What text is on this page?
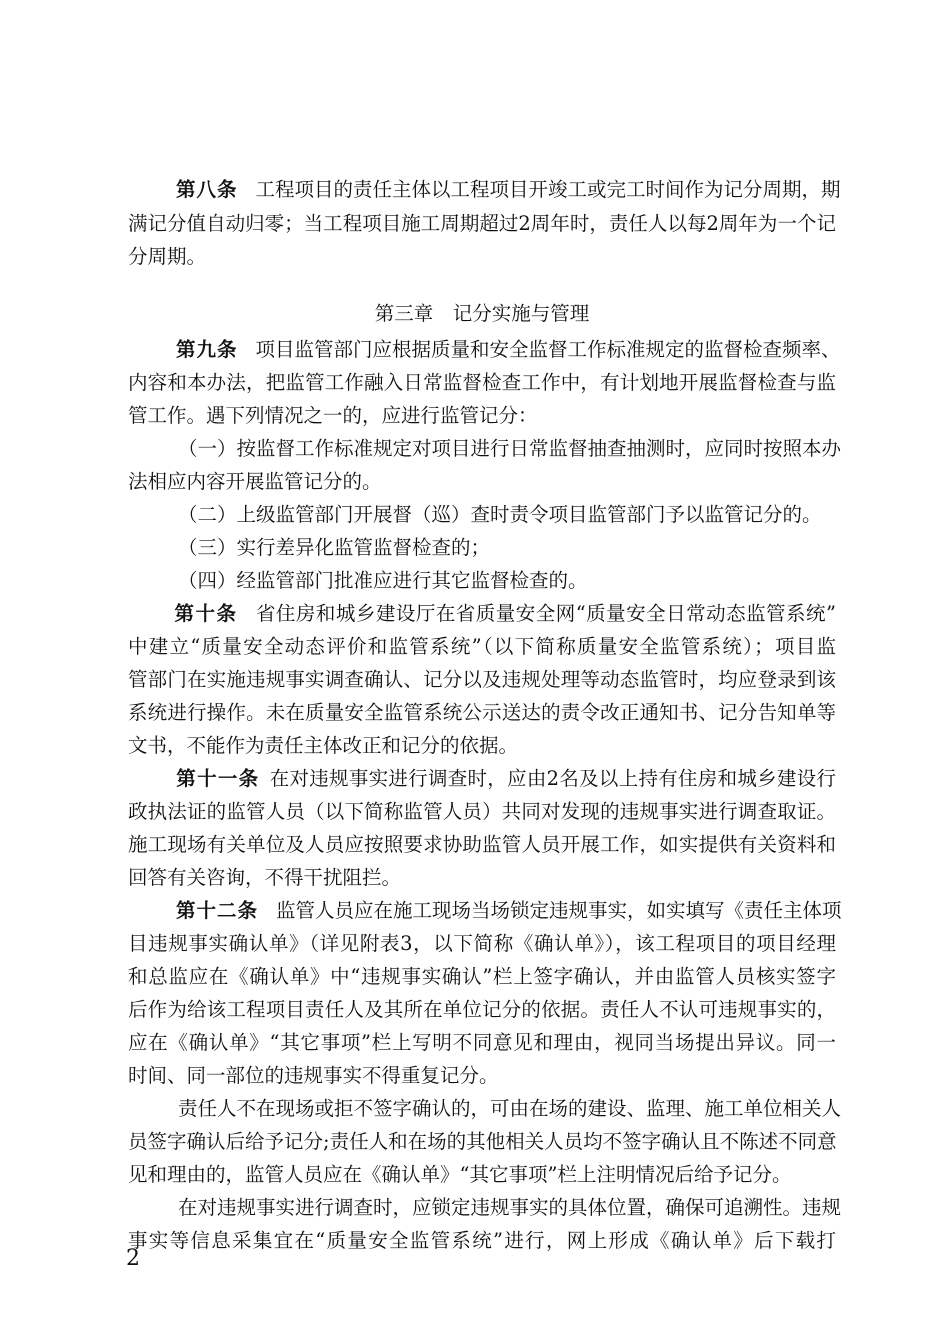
第八条 工程项目的责任主体以工程项目开竣工或完工时间作为记分周期，期
满记分值自动归零；当工程项目施工周期超过2周年时，责任人以每2周年为一个记
分周期。
第三章　记分实施与管理
第九条 项目监管部门应根据质量和安全监督工作标准规定的监督检查频率、
内容和本办法，把监管工作融入日常监督检查工作中，有计划地开展监督检查与监
管工作。遇下列情况之一的，应进行监管记分：
（一）按监督工作标准规定对项目进行日常监督抽查抽测时，应同时按照本办
法相应内容开展监管记分的。
（二）上级监管部门开展督（巡）查时责令项目监管部门予以监管记分的。
（三）实行差异化监管监督检查的；
（四）经监管部门批准应进行其它监督检查的。
第十条 省住房和城乡建设厅在省质量安全网“质量安全日常动态监管系统”
中建立“质量安全动态评价和监管系统”（以下简称质量安全监管系统）；项目监
管部门在实施违规事实调查确认、记分以及违规处理等动态监管时，均应登录到该
系统进行操作。未在质量安全监管系统公示送达的责令改正通知书、记分告知单等
文书，不能作为责任主体改正和记分的依据。
第十一条 在对违规事实进行调查时，应由2名及以上持有住房和城乡建设行
政执法证的监管人员（以下简称监管人员）共同对发现的违规事实进行调查取证。
施工现场有关单位及人员应按照要求协助监管人员开展工作，如实提供有关资料和
回答有关咨询，不得干扰阻拦。
第十二条 监管人员应在施工现场当场锁定违规事实，如实填写《责任主体项
目违规事实确认单》（详见附表3，以下简称《确认单》），该工程项目的项目经理
和总监应在《确认单》中“违规事实确认”栏上签字确认，并由监管人员核实签字
后作为给该工程项目责任人及其所在单位记分的依据。责任人不认可违规事实的，
应在《确认单》“其它事项”栏上写明不同意见和理由，视同当场提出异议。同一
时间、同一部位的违规事实不得重复记分。
责任人不在现场或拒不签字确认的，可由在场的建设、监理、施工单位相关人
员签字确认后给予记分;责任人和在场的其他相关人员均不签字确认且不陈述不同意
见和理由的，监管人员应在《确认单》“其它事项”栏上注明情况后给予记分。
在对违规事实进行调查时，应锁定违规事实的具体位置，确保可追溯性。违规
事实等信息采集宜在“质量安全监管系统”进行，网上形成《确认单》后下载打
2
